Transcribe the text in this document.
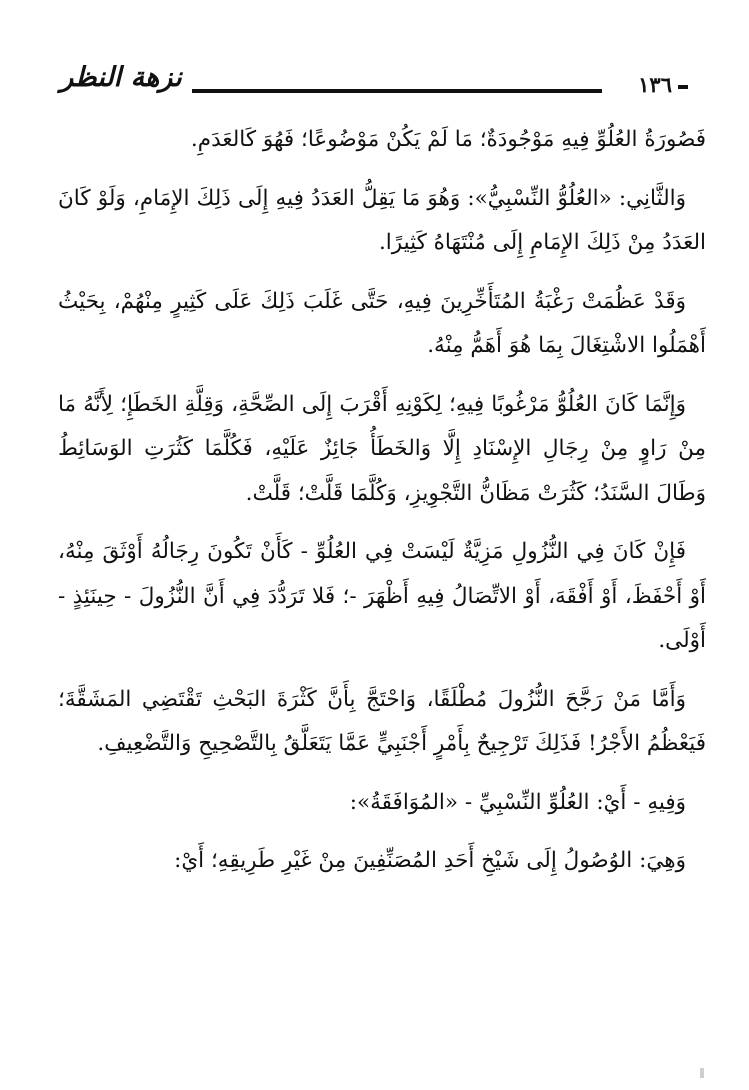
١٣٦
نزهة النظر

فَصُورَةُ العُلُوِّ فِيهِ مَوْجُودَةٌ؛ مَا لَمْ يَكُنْ مَوْضُوعًا؛ فَهُوَ كَالعَدَمِ.

وَالثَّانِي: «العُلُوُّ النِّسْبِيُّ»: وَهُوَ مَا يَقِلُّ العَدَدُ فِيهِ إِلَى ذَلِكَ الإِمَامِ، وَلَوْ كَانَ العَدَدُ مِنْ ذَلِكَ الإِمَامِ إِلَى مُنْتَهَاهُ كَثِيرًا.

وَقَدْ عَظُمَتْ رَغْبَةُ المُتَأَخِّرِينَ فِيهِ، حَتَّى غَلَبَ ذَلِكَ عَلَى كَثِيرٍ مِنْهُمْ، بِحَيْثُ أَهْمَلُوا الاشْتِغَالَ بِمَا هُوَ أَهَمُّ مِنْهُ.

وَإِنَّمَا كَانَ العُلُوُّ مَرْغُوبًا فِيهِ؛ لِكَوْنِهِ أَقْرَبَ إِلَى الصِّحَّةِ، وَقِلَّةِ الخَطَإِ؛ لِأَنَّهُ مَا مِنْ رَاوٍ مِنْ رِجَالِ الإِسْنَادِ إِلَّا وَالخَطَأُ جَائِزٌ عَلَيْهِ، فَكُلَّمَا كَثُرَتِ الوَسَائِطُ وَطَالَ السَّنَدُ؛ كَثُرَتْ مَظَانُّ التَّجْوِيزِ، وَكُلَّمَا قَلَّتْ؛ قَلَّتْ.

فَإِنْ كَانَ فِي النُّزُولِ مَزِيَّةٌ لَيْسَتْ فِي العُلُوِّ - كَأَنْ تَكُونَ رِجَالُهُ أَوْثَقَ مِنْهُ، أَوْ أَحْفَظَ، أَوْ أَفْقَهَ، أَوْ الاتِّصَالُ فِيهِ أَظْهَرَ -؛ فَلا تَرَدُّدَ فِي أَنَّ النُّزُولَ - حِينَئِذٍ - أَوْلَى.

وَأَمَّا مَنْ رَجَّحَ النُّزُولَ مُطْلَقًا، وَاحْتَجَّ بِأَنَّ كَثْرَةَ البَحْثِ تَقْتَضِي المَشَقَّةَ؛ فَيَعْظُمُ الأَجْرُ! فَذَلِكَ تَرْجِيحٌ بِأَمْرٍ أَجْنَبِيٍّ عَمَّا يَتَعَلَّقُ بِالتَّصْحِيحِ وَالتَّضْعِيفِ.

وَفِيهِ - أَيْ: العُلُوِّ النِّسْبِيِّ - «المُوَافَقَةُ»:

وَهِيَ: الوُصُولُ إِلَى شَيْخِ أَحَدِ المُصَنِّفِينَ مِنْ غَيْرِ طَرِيقِهِ؛ أَيْ:
